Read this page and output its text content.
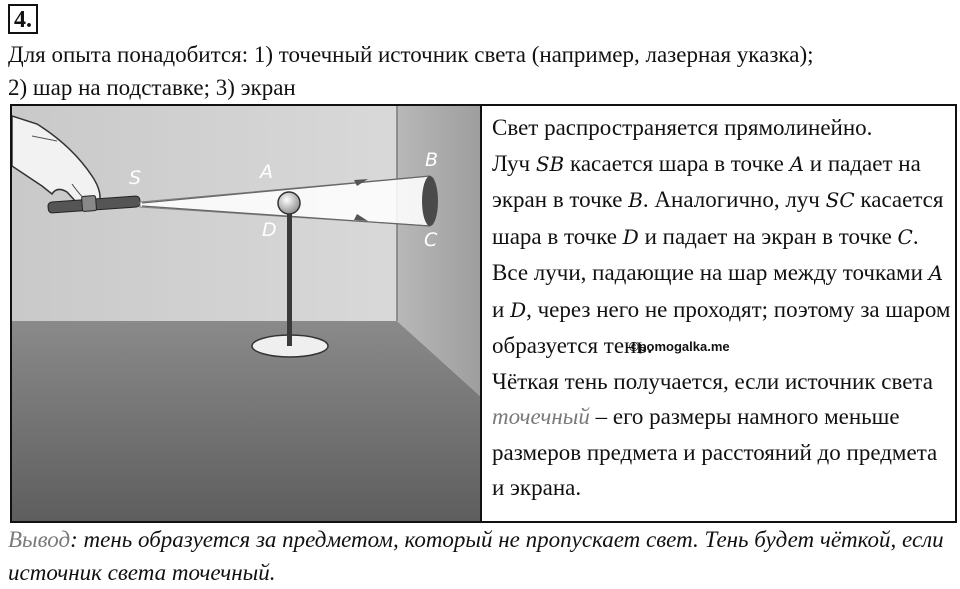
4.
Для опыта понадобится: 1) точечный источник света (например, лазерная указка);
2) шар на подставке; 3) экран
S	A
B
C
D

Свет распространяется прямолинейно.

Луч SB касается шара в точке A и падает на экран в точке B. Аналогично, луч SC касается шара в точке D и падает на экран в точке C. Все лучи, падающие на шар между точками A и D, через него не проходят; поэтому за шаром образуется тень.

Чёткая тень получается, если источник света точечный – его размеры намного меньше размеров предмета и расстояний до предмета и экрана.

©pomogalka.me
Вывод: тень образуется за предметом, который не пропускает свет. Тень будет чёткой, если источник света точечный.
